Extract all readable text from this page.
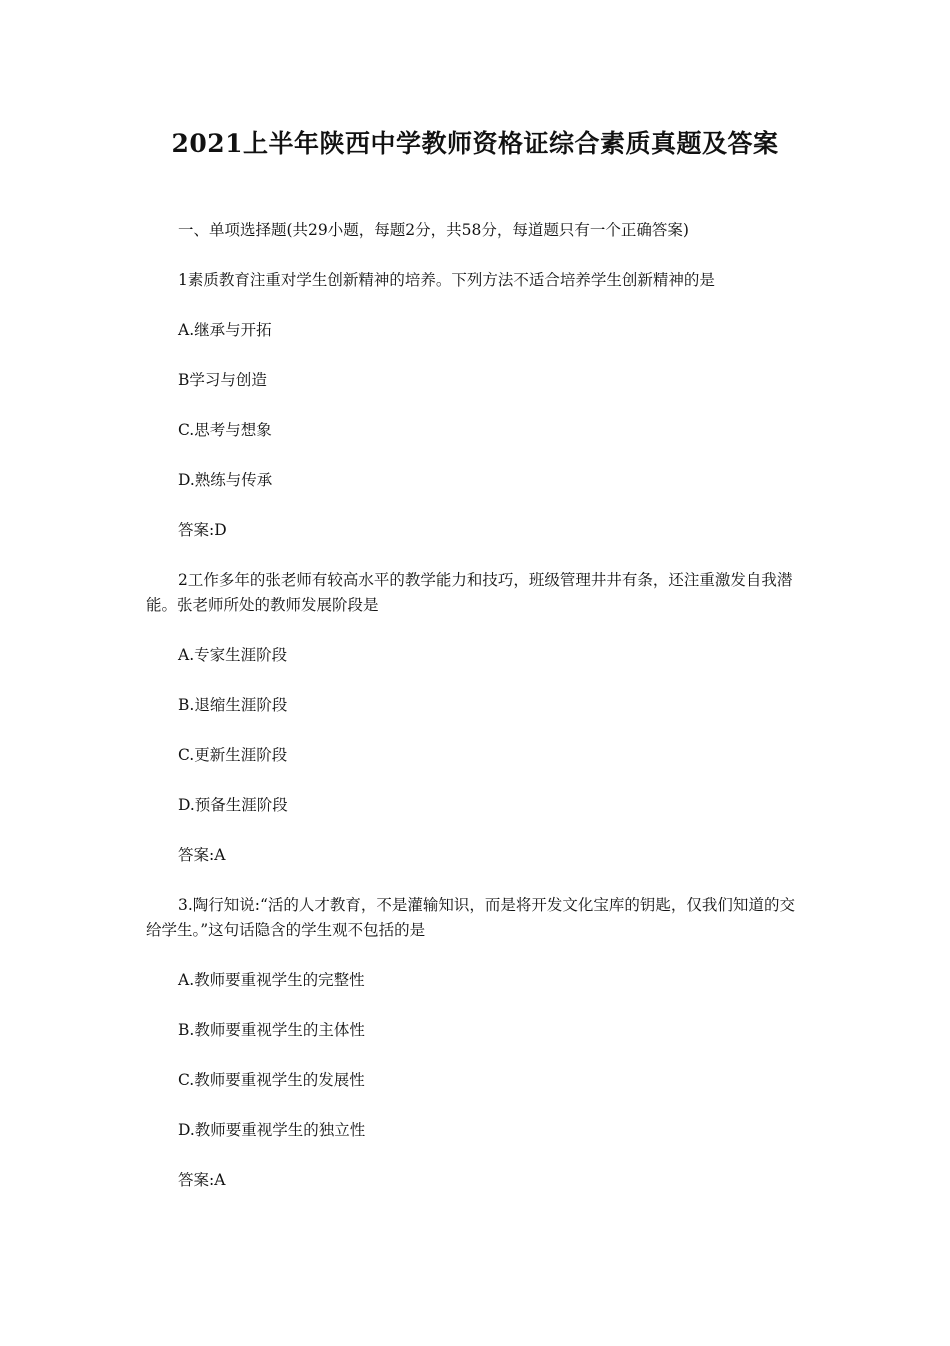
2021上半年陕西中学教师资格证综合素质真题及答案

一、单项选择题(共29小题，每题2分，共58分，每道题只有一个正确答案)

1素质教育注重对学生创新精神的培养。下列方法不适合培养学生创新精神的是

A.继承与开拓

B学习与创造

C.思考与想象

D.熟练与传承

答案:D

2工作多年的张老师有较高水平的教学能力和技巧，班级管理井井有条，还注重激发自我潜能。张老师所处的教师发展阶段是

A.专家生涯阶段

B.退缩生涯阶段

C.更新生涯阶段

D.预备生涯阶段

答案:A

3.陶行知说:“活的人才教育，不是灌输知识，而是将开发文化宝库的钥匙，仅我们知道的交给学生。”这句话隐含的学生观不包括的是

A.教师要重视学生的完整性

B.教师要重视学生的主体性

C.教师要重视学生的发展性

D.教师要重视学生的独立性

答案:A
